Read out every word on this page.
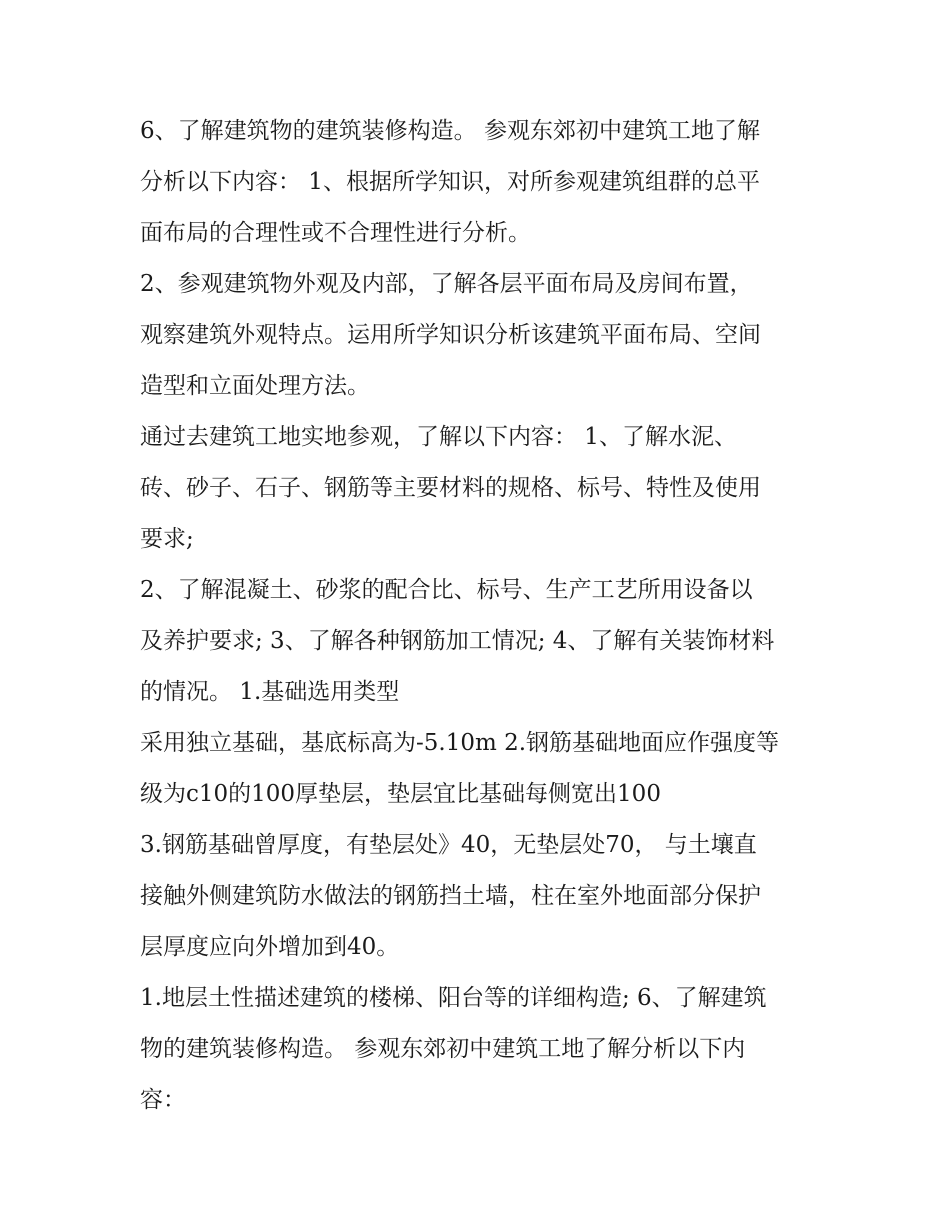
6、了解建筑物的建筑装修构造。 参观东郊初中建筑工地了解
分析以下内容： 1、根据所学知识，对所参观建筑组群的总平
面布局的合理性或不合理性进行分析。
2、参观建筑物外观及内部，了解各层平面布局及房间布置，
观察建筑外观特点。运用所学知识分析该建筑平面布局、空间
造型和立面处理方法。
通过去建筑工地实地参观，了解以下内容： 1、了解水泥、
砖、砂子、石子、钢筋等主要材料的规格、标号、特性及使用
要求;
2、了解混凝土、砂浆的配合比、标号、生产工艺所用设备以
及养护要求; 3、了解各种钢筋加工情况; 4、了解有关装饰材料
的情况。 1.基础选用类型
采用独立基础，基底标高为-5.10m 2.钢筋基础地面应作强度等
级为c10的100厚垫层，垫层宜比基础每侧宽出100
3.钢筋基础曾厚度，有垫层处》40，无垫层处70， 与土壤直
接触外侧建筑防水做法的钢筋挡土墙，柱在室外地面部分保护
层厚度应向外增加到40。
1.地层土性描述建筑的楼梯、阳台等的详细构造; 6、了解建筑
物的建筑装修构造。 参观东郊初中建筑工地了解分析以下内
容：
